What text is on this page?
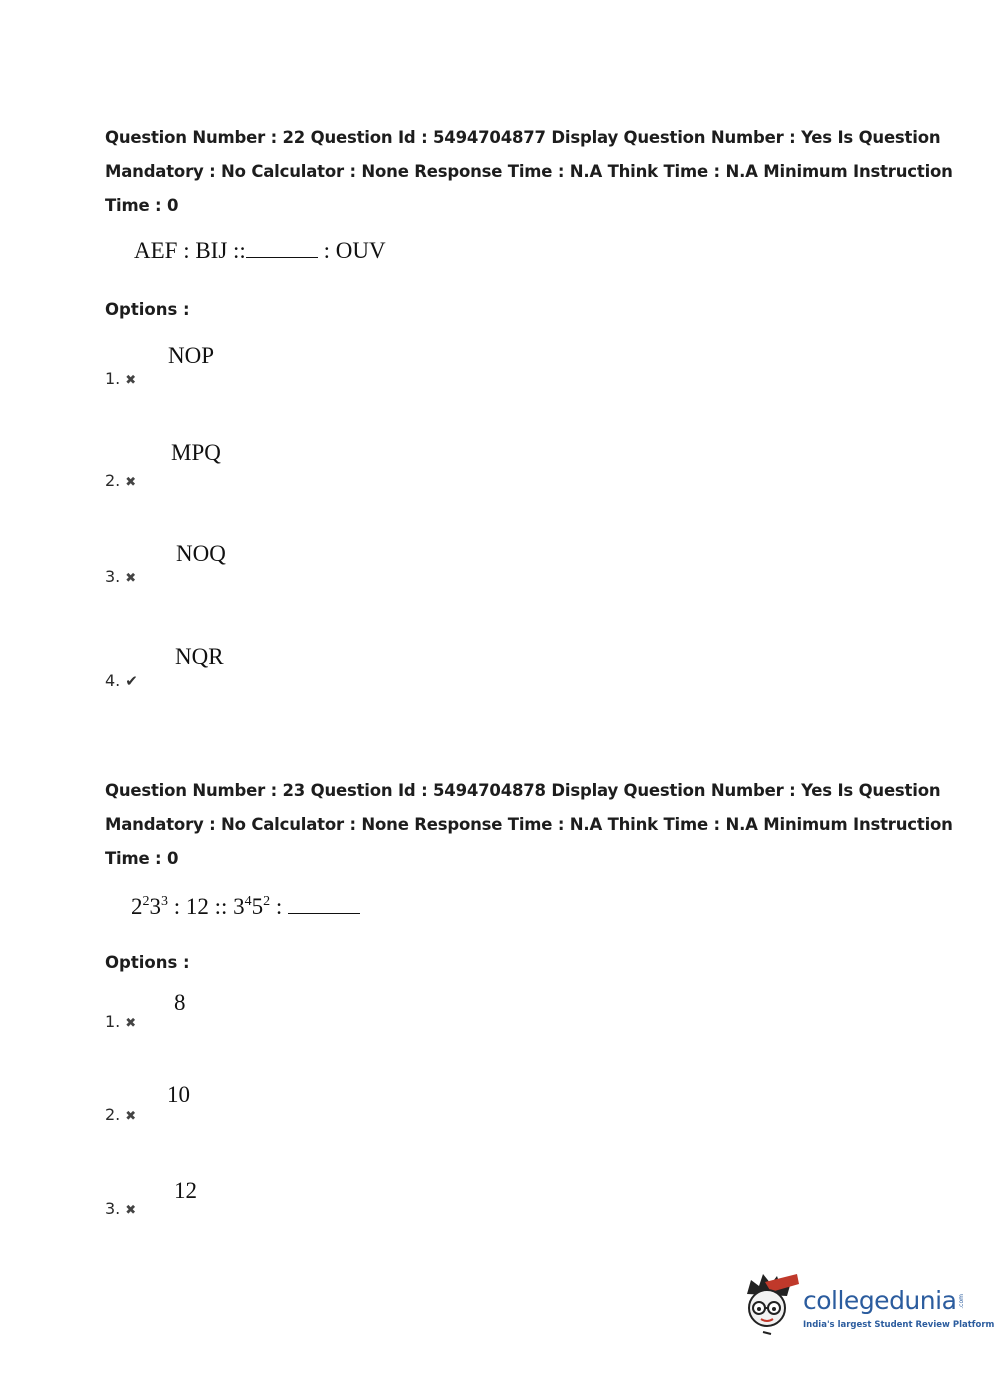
Question Number : 22 Question Id : 5494704877 Display Question Number : Yes Is Question
Mandatory : No Calculator : None Response Time : N.A Think Time : N.A Minimum Instruction
Time : 0
AEF : BIJ ::	: OUV
Options :
NOP
1. ✖
MPQ
2. ✖
NOQ
3. ✖
NQR
4. ✔
Question Number : 23 Question Id : 5494704878 Display Question Number : Yes Is Question
Mandatory : No Calculator : None Response Time : N.A Think Time : N.A Minimum Instruction
Time : 0
$2^23^3$ : 12 :: $3^45^2$ :
Options :
8
1. ✖
10
2. ✖
12
3. ✖
collegedunia .com
India's largest Student Review Platform
